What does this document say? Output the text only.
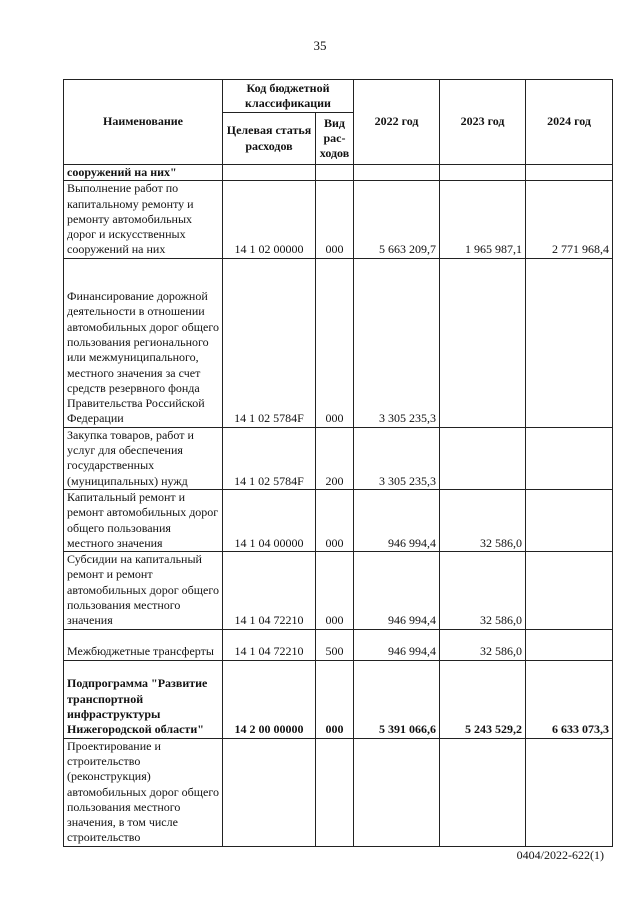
35
Наименование	Код бюджетной классификации		2022 год	2023 год	2024 год
	Целевая статья расходов	Вид рас-ходов			
сооружений на них"					
Выполнение работ по капитальному ремонту и ремонту автомобильных дорог и искусственных сооружений на них	14 1 02 00000	000	5 663 209,7	1 965 987,1	2 771 968,4
Финансирование дорожной деятельности в отношении автомобильных дорог общего пользования регионального или межмуниципального, местного значения за счет средств резервного фонда Правительства Российской Федерации	14 1 02 5784F	000	3 305 235,3		
Закупка товаров, работ и услуг для обеспечения государственных (муниципальных) нужд	14 1 02 5784F	200	3 305 235,3		
Капитальный ремонт и ремонт автомобильных дорог общего пользования местного значения	14 1 04 00000	000	946 994,4	32 586,0	
Субсидии на капитальный ремонт и ремонт автомобильных дорог общего пользования местного значения	14 1 04 72210	000	946 994,4	32 586,0	
Межбюджетные трансферты	14 1 04 72210	500	946 994,4	32 586,0	
Подпрограмма "Развитие транспортной инфраструктуры Нижегородской области"	14 2 00 00000	000	5 391 066,6	5 243 529,2	6 633 073,3
Проектирование и строительство (реконструкция) автомобильных дорог общего пользования местного значения, в том числе строительство					
0404/2022-622(1)
